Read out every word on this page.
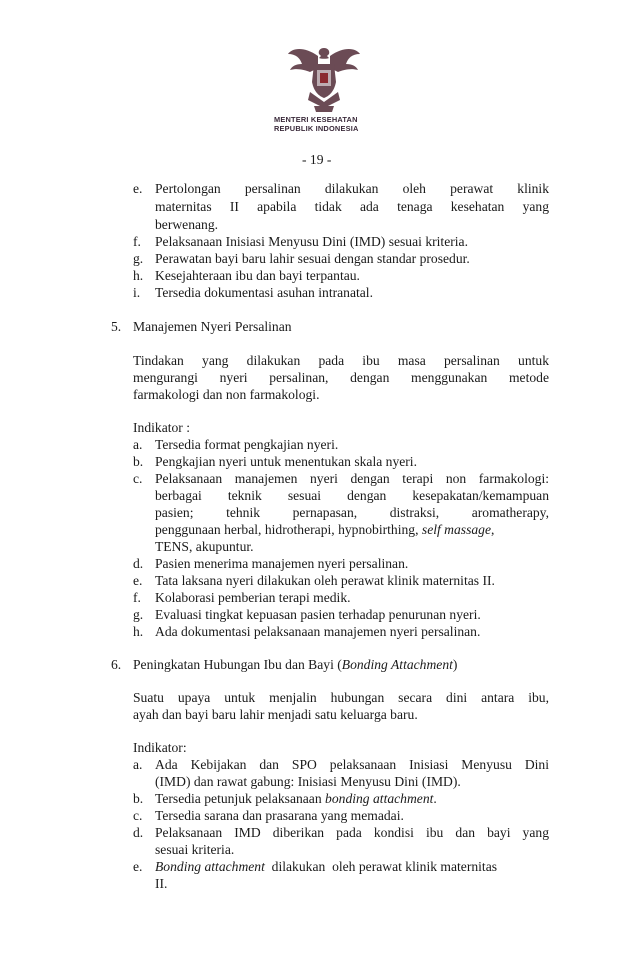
MENTERI KESEHATAN
REPUBLIK INDONESIA
- 19 -
e. Pertolongan persalinan dilakukan oleh perawat klinik
maternitas II apabila tidak ada tenaga kesehatan yang
berwenang.
f. Pelaksanaan Inisiasi Menyusu Dini (IMD) sesuai kriteria.
g. Perawatan bayi baru lahir sesuai dengan standar prosedur.
h. Kesejahteraan ibu dan bayi terpantau.
i. Tersedia dokumentasi asuhan intranatal.
5. Manajemen Nyeri Persalinan
Tindakan yang dilakukan pada ibu masa persalinan untuk
mengurangi nyeri persalinan, dengan menggunakan metode
farmakologi dan non farmakologi.
Indikator :
a. Tersedia format pengkajian nyeri.
b. Pengkajian nyeri untuk menentukan skala nyeri.
c. Pelaksanaan manajemen nyeri dengan terapi non farmakologi:
berbagai teknik sesuai dengan kesepakatan/kemampuan
pasien; tehnik pernapasan, distraksi, aromatherapy,
penggunaan herbal, hidrotherapi, hypnobirthing, self massage,
TENS, akupuntur.
d. Pasien menerima manajemen nyeri persalinan.
e. Tata laksana nyeri dilakukan oleh perawat klinik maternitas II.
f. Kolaborasi pemberian terapi medik.
g. Evaluasi tingkat kepuasan pasien terhadap penurunan nyeri.
h. Ada dokumentasi pelaksanaan manajemen nyeri persalinan.
6. Peningkatan Hubungan Ibu dan Bayi (Bonding Attachment)
Suatu upaya untuk menjalin hubungan secara dini antara ibu,
ayah dan bayi baru lahir menjadi satu keluarga baru.
Indikator:
a. Ada Kebijakan dan SPO pelaksanaan Inisiasi Menyusu Dini
(IMD) dan rawat gabung: Inisiasi Menyusu Dini (IMD).
b. Tersedia petunjuk pelaksanaan bonding attachment.
c. Tersedia sarana dan prasarana yang memadai.
d. Pelaksanaan IMD diberikan pada kondisi ibu dan bayi yang
sesuai kriteria.
e. Bonding attachment  dilakukan  oleh perawat klinik maternitas
II.
